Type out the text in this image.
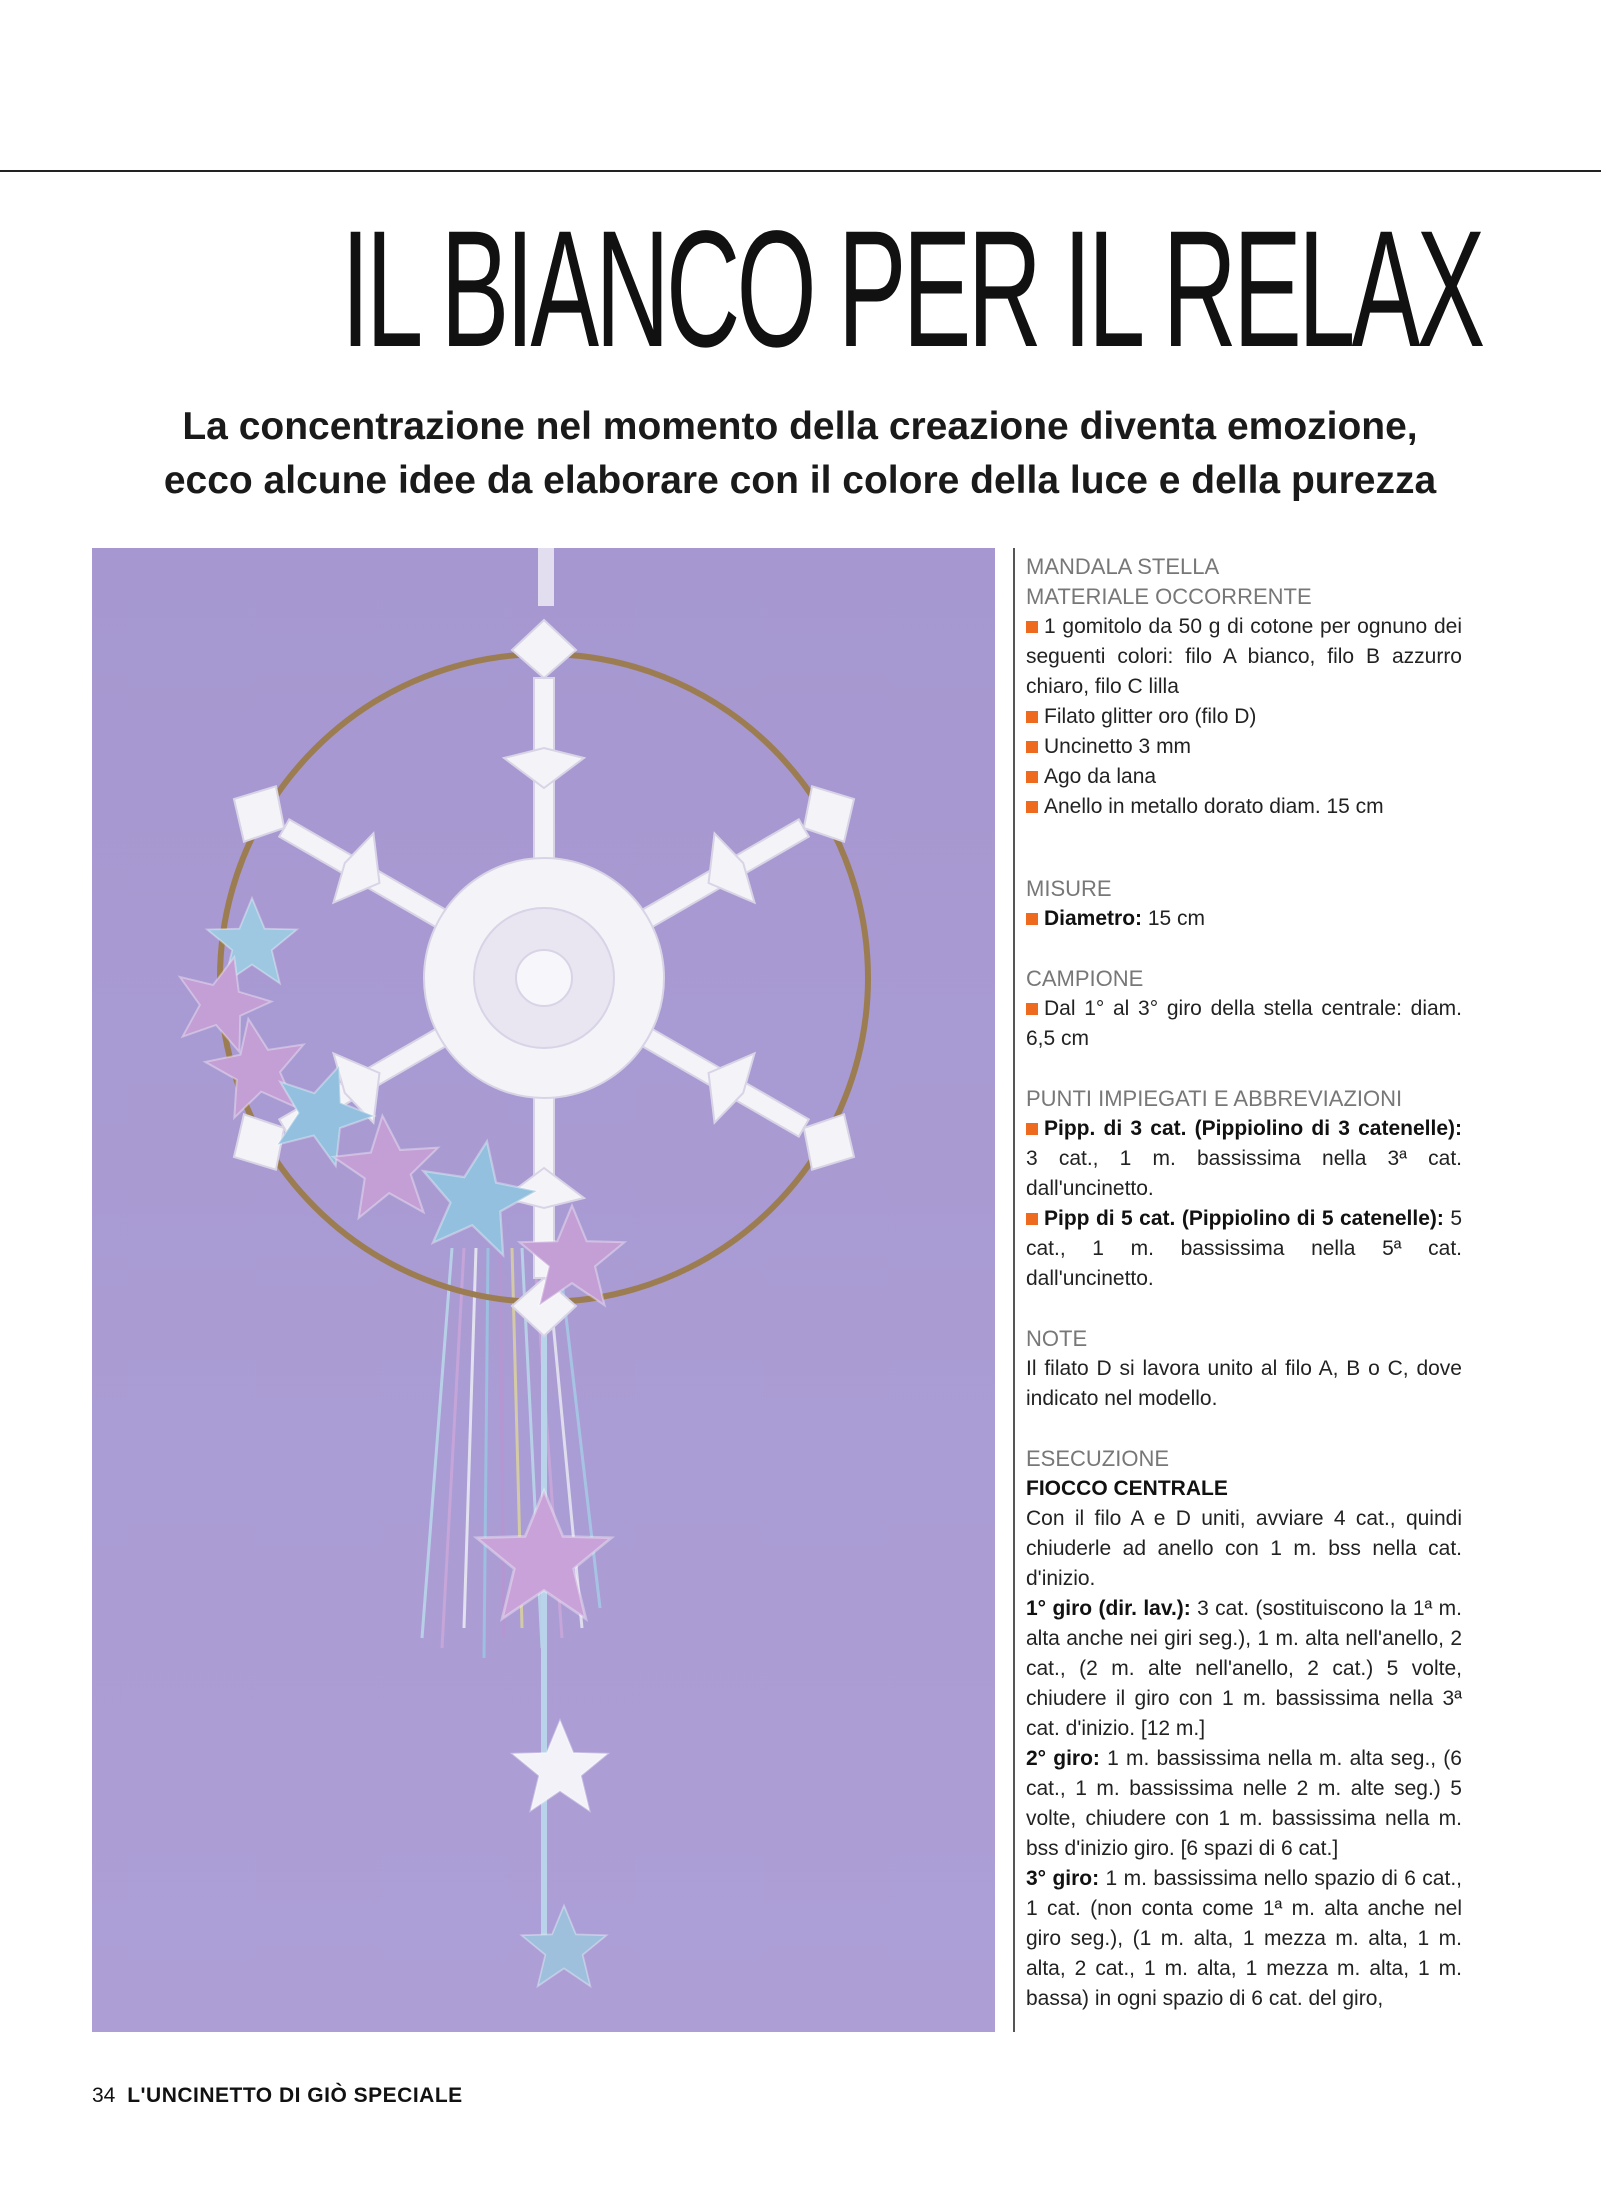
IL BIANCO PER IL RELAX
La concentrazione nel momento della creazione diventa emozione,
ecco alcune idee da elaborare con il colore della luce e della purezza
MANDALA STELLA
MATERIALE OCCORRENTE

1 gomitolo da 50 g di cotone per ognuno dei seguenti colori: filo A bianco, filo B azzurro chiaro, filo C lilla

Filato glitter oro (filo D)

Uncinetto 3 mm

Ago da lana

Anello in metallo dorato diam. 15 cm

MISURE

Diametro: 15 cm

CAMPIONE

Dal 1° al 3° giro della stella centrale: diam. 6,5 cm

PUNTI IMPIEGATI E ABBREVIAZIONI

Pipp. di 3 cat. (Pippiolino di 3 catenelle): 3 cat., 1 m. bassissima nella 3ª cat. dall'uncinetto.

Pipp di 5 cat. (Pippiolino di 5 catenelle): 5 cat., 1 m. bassissima nella 5ª cat. dall'uncinetto.

NOTE

Il filato D si lavora unito al filo A, B o C, dove indicato nel modello.

ESECUZIONE
FIOCCO CENTRALE

Con il filo A e D uniti, avviare 4 cat., quindi chiuderle ad anello con 1 m. bss nella cat. d'inizio.

1° giro (dir. lav.): 3 cat. (sostituiscono la 1ª m. alta anche nei giri seg.), 1 m. alta nell'anello, 2 cat., (2 m. alte nell'anello, 2 cat.) 5 volte, chiudere il giro con 1 m. bassissima nella 3ª cat. d'inizio. [12 m.]

2° giro: 1 m. bassissima nella m. alta seg., (6 cat., 1 m. bassissima nelle 2 m. alte seg.) 5 volte, chiudere con 1 m. bassissima nella m. bss d'inizio giro. [6 spazi di 6 cat.]

3° giro: 1 m. bassissima nello spazio di 6 cat., 1 cat. (non conta come 1ª m. alta anche nel giro seg.), (1 m. alta, 1 mezza m. alta, 1 m. alta, 2 cat., 1 m. alta, 1 mezza m. alta, 1 m. bassa) in ogni spazio di 6 cat. del giro,

34 L'UNCINETTO DI GIÒ SPECIALE
